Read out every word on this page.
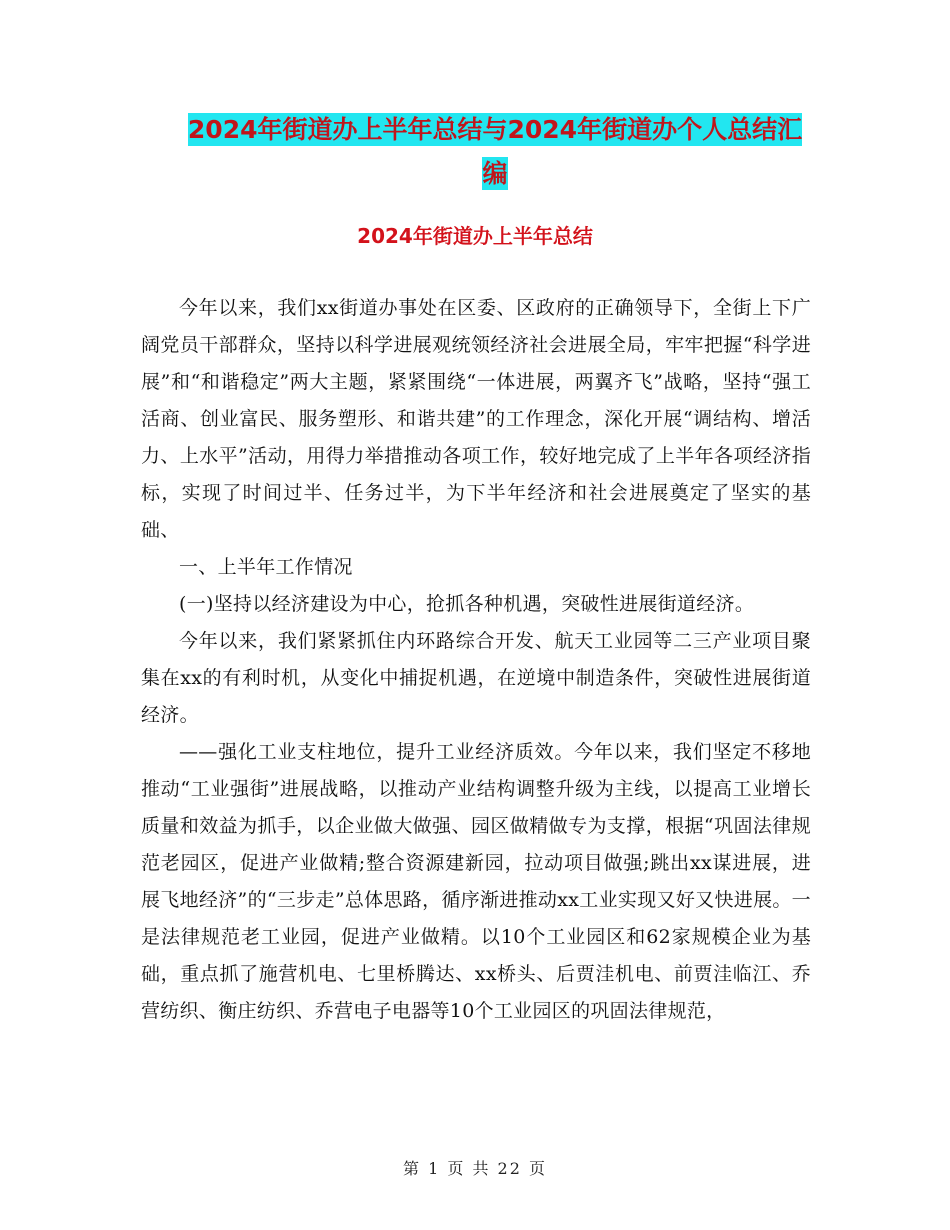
2024年街道办上半年总结与2024年街道办个人总结汇
编
2024年街道办上半年总结

今年以来，我们xx街道办事处在区委、区政府的正确领导下，全街上下广阔党员干部群众，坚持以科学进展观统领经济社会进展全局，牢牢把握“科学进展”和“和谐稳定”两大主题，紧紧围绕“一体进展，两翼齐飞”战略，坚持“强工活商、创业富民、服务塑形、和谐共建”的工作理念，深化开展“调结构、增活力、上水平”活动，用得力举措推动各项工作，较好地完成了上半年各项经济指标，实现了时间过半、任务过半，为下半年经济和社会进展奠定了坚实的基础、

一、上半年工作情况

(一)坚持以经济建设为中心，抢抓各种机遇，突破性进展街道经济。

今年以来，我们紧紧抓住内环路综合开发、航天工业园等二三产业项目聚集在xx的有利时机，从变化中捕捉机遇，在逆境中制造条件，突破性进展街道经济。

——强化工业支柱地位，提升工业经济质效。今年以来，我们坚定不移地推动“工业强街”进展战略，以推动产业结构调整升级为主线，以提高工业增长质量和效益为抓手，以企业做大做强、园区做精做专为支撑，根据“巩固法律规范老园区，促进产业做精;整合资源建新园，拉动项目做强;跳出xx谋进展，进展飞地经济”的“三步走”总体思路，循序渐进推动xx工业实现又好又快进展。一是法律规范老工业园，促进产业做精。以10个工业园区和62家规模企业为基础，重点抓了施营机电、七里桥腾达、xx桥头、后贾洼机电、前贾洼临江、乔营纺织、衡庄纺织、乔营电子电器等10个工业园区的巩固法律规范，

第 1 页 共 22 页
